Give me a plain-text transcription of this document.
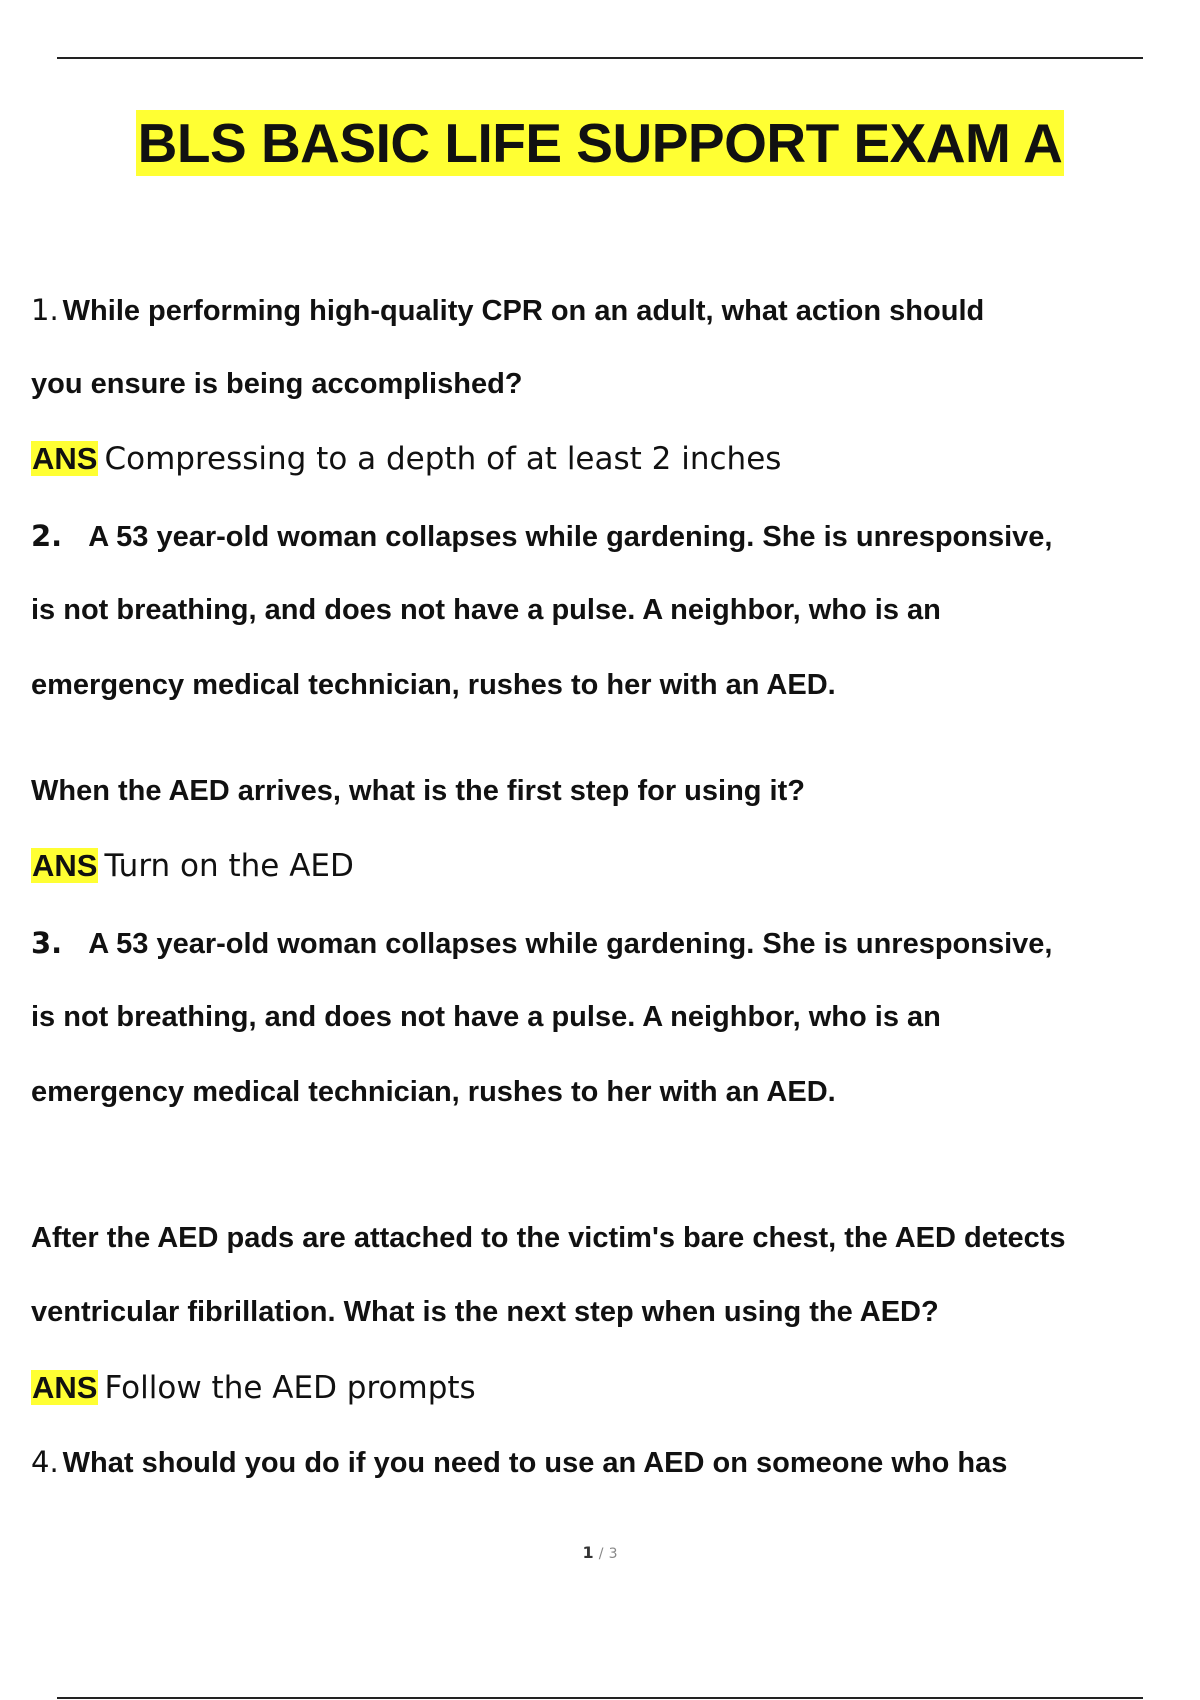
BLS BASIC LIFE SUPPORT EXAM A
1. While performing high-quality CPR on an adult, what action should
you ensure is being accomplished?
ANS Compressing to a depth of at least 2 inches
2. A 53 year-old woman collapses while gardening. She is unresponsive,
is not breathing, and does not have a pulse. A neighbor, who is an
emergency medical technician, rushes to her with an AED.
When the AED arrives, what is the first step for using it?
ANS Turn on the AED
3. A 53 year-old woman collapses while gardening. She is unresponsive,
is not breathing, and does not have a pulse. A neighbor, who is an
emergency medical technician, rushes to her with an AED.
After the AED pads are attached to the victim's bare chest, the AED detects
ventricular fibrillation. What is the next step when using the AED?
ANS Follow the AED prompts
4. What should you do if you need to use an AED on someone who has
1 / 3
